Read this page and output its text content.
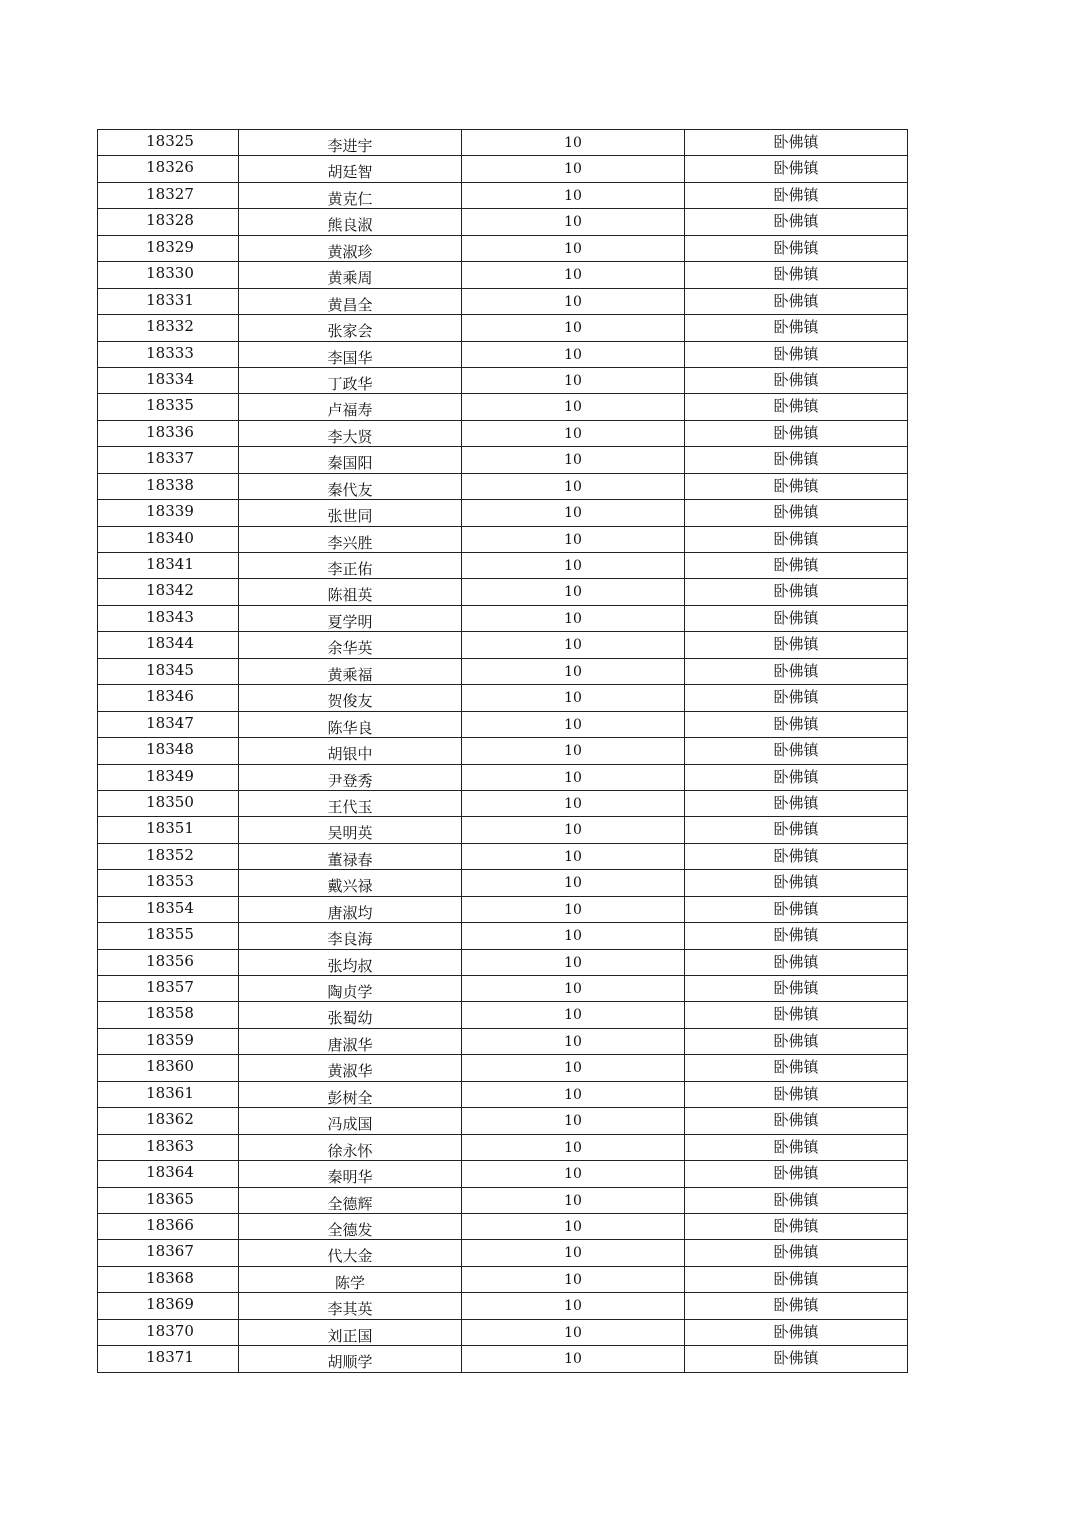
18325	李进宇	10	卧佛镇
18326	胡廷智	10	卧佛镇
18327	黄克仁	10	卧佛镇
18328	熊良淑	10	卧佛镇
18329	黄淑珍	10	卧佛镇
18330	黄乘周	10	卧佛镇
18331	黄昌全	10	卧佛镇
18332	张家会	10	卧佛镇
18333	李国华	10	卧佛镇
18334	丁政华	10	卧佛镇
18335	卢福寿	10	卧佛镇
18336	李大贤	10	卧佛镇
18337	秦国阳	10	卧佛镇
18338	秦代友	10	卧佛镇
18339	张世同	10	卧佛镇
18340	李兴胜	10	卧佛镇
18341	李正佑	10	卧佛镇
18342	陈祖英	10	卧佛镇
18343	夏学明	10	卧佛镇
18344	余华英	10	卧佛镇
18345	黄乘福	10	卧佛镇
18346	贺俊友	10	卧佛镇
18347	陈华良	10	卧佛镇
18348	胡银中	10	卧佛镇
18349	尹登秀	10	卧佛镇
18350	王代玉	10	卧佛镇
18351	吴明英	10	卧佛镇
18352	董禄春	10	卧佛镇
18353	戴兴禄	10	卧佛镇
18354	唐淑均	10	卧佛镇
18355	李良海	10	卧佛镇
18356	张均叔	10	卧佛镇
18357	陶贞学	10	卧佛镇
18358	张蜀幼	10	卧佛镇
18359	唐淑华	10	卧佛镇
18360	黄淑华	10	卧佛镇
18361	彭树全	10	卧佛镇
18362	冯成国	10	卧佛镇
18363	徐永怀	10	卧佛镇
18364	秦明华	10	卧佛镇
18365	全德辉	10	卧佛镇
18366	全德发	10	卧佛镇
18367	代大金	10	卧佛镇
18368	陈学	10	卧佛镇
18369	李其英	10	卧佛镇
18370	刘正国	10	卧佛镇
18371	胡顺学	10	卧佛镇
